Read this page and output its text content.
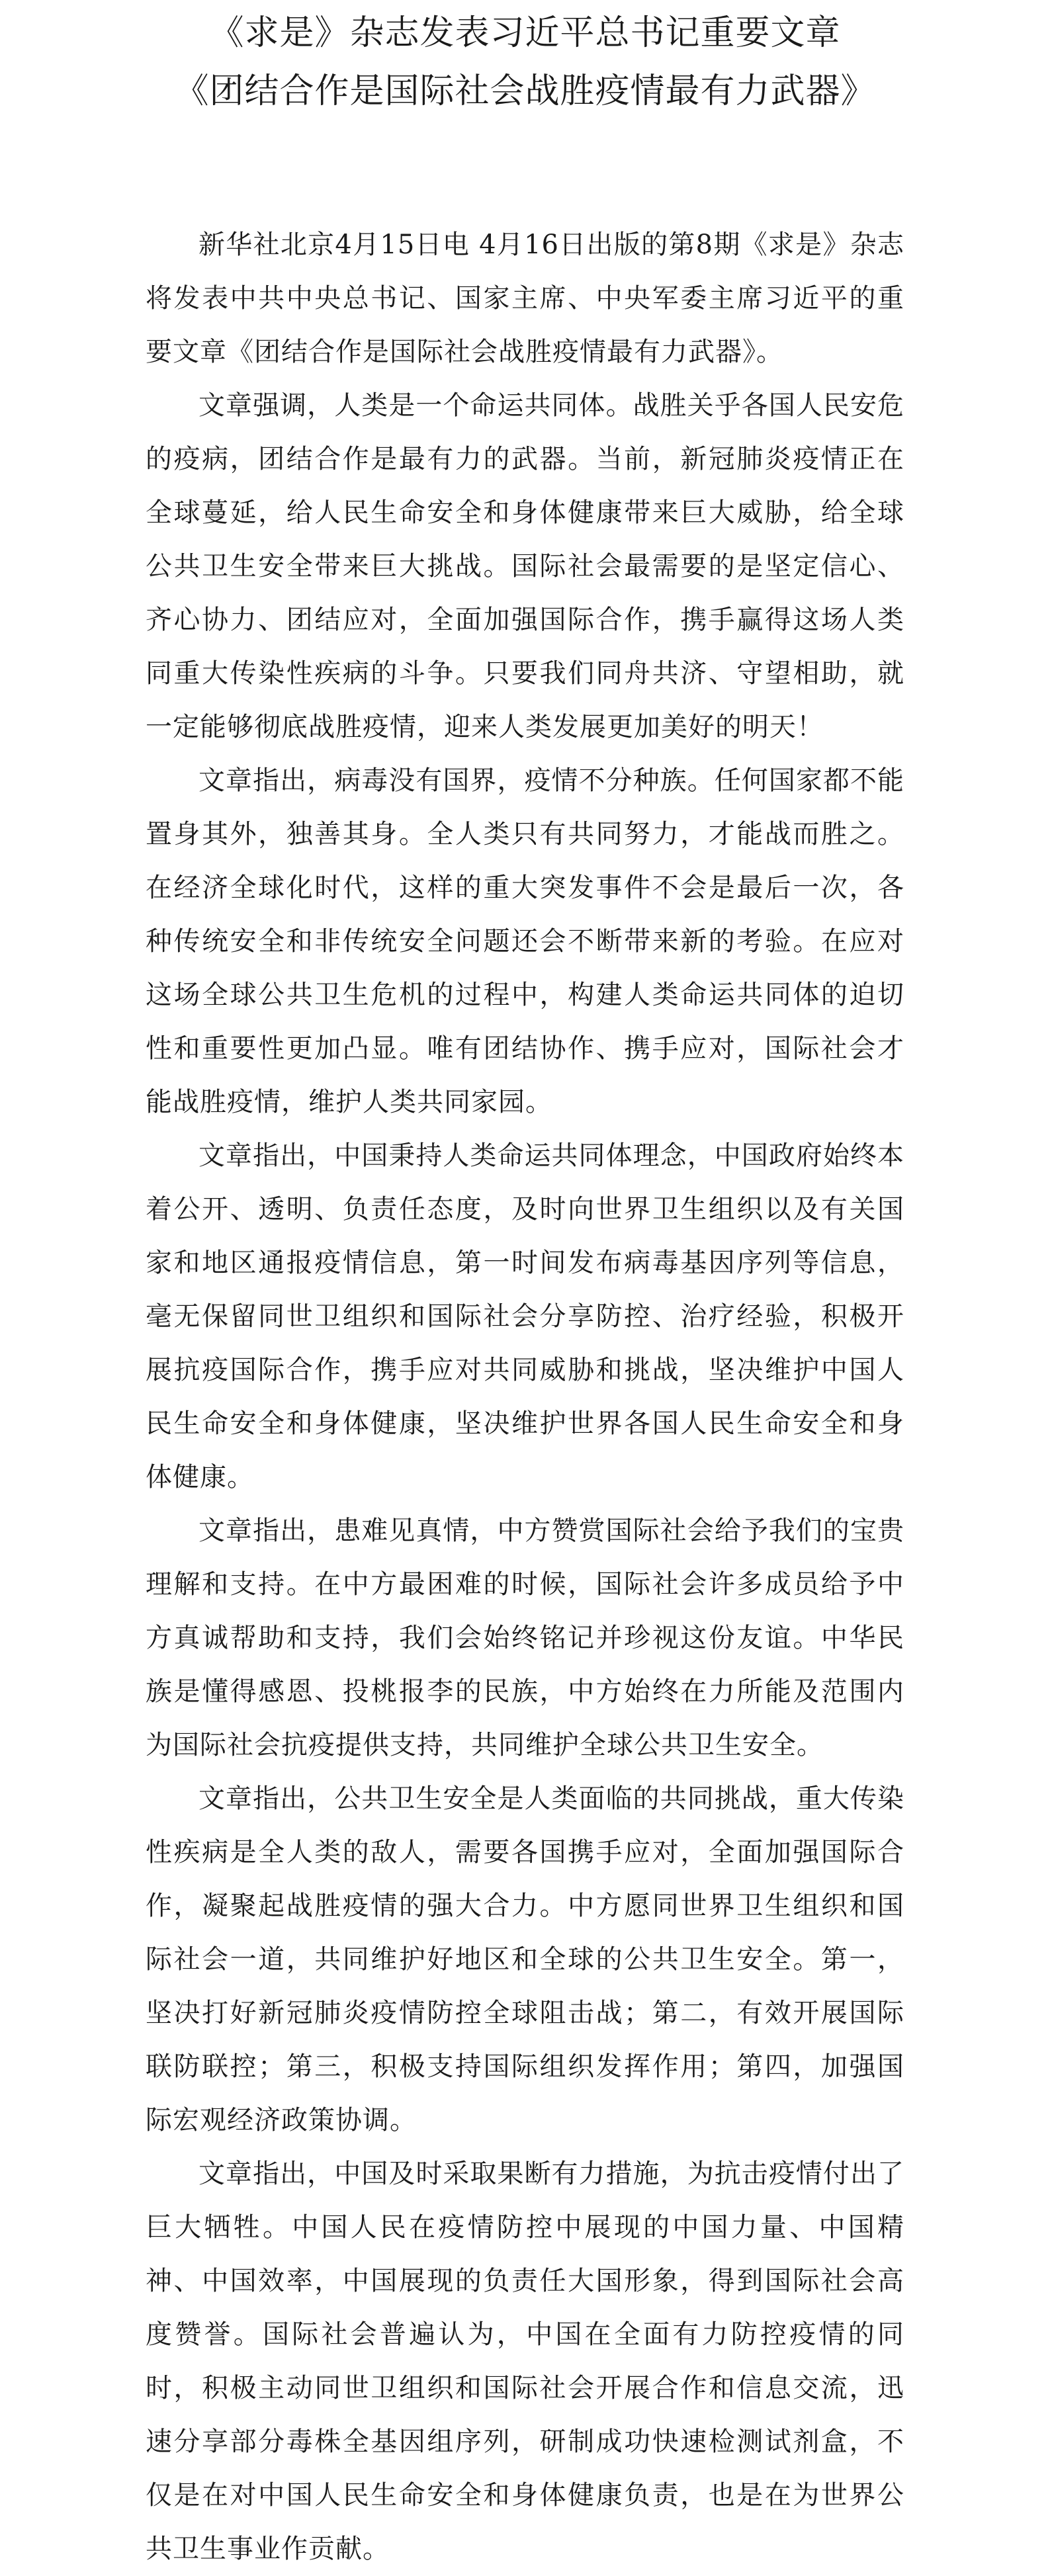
《求是》杂志发表习近平总书记重要文章
《团结合作是国际社会战胜疫情最有力武器》

新华社北京4月15日电 4月16日出版的第8期《求是》杂志将发表中共中央总书记、国家主席、中央军委主席习近平的重要文章《团结合作是国际社会战胜疫情最有力武器》。

文章强调，人类是一个命运共同体。战胜关乎各国人民安危的疫病，团结合作是最有力的武器。当前，新冠肺炎疫情正在全球蔓延，给人民生命安全和身体健康带来巨大威胁，给全球公共卫生安全带来巨大挑战。国际社会最需要的是坚定信心、齐心协力、团结应对，全面加强国际合作，携手赢得这场人类同重大传染性疾病的斗争。只要我们同舟共济、守望相助，就一定能够彻底战胜疫情，迎来人类发展更加美好的明天！

文章指出，病毒没有国界，疫情不分种族。任何国家都不能置身其外，独善其身。全人类只有共同努力，才能战而胜之。在经济全球化时代，这样的重大突发事件不会是最后一次，各种传统安全和非传统安全问题还会不断带来新的考验。在应对这场全球公共卫生危机的过程中，构建人类命运共同体的迫切性和重要性更加凸显。唯有团结协作、携手应对，国际社会才能战胜疫情，维护人类共同家园。

文章指出，中国秉持人类命运共同体理念，中国政府始终本着公开、透明、负责任态度，及时向世界卫生组织以及有关国家和地区通报疫情信息，第一时间发布病毒基因序列等信息，毫无保留同世卫组织和国际社会分享防控、治疗经验，积极开展抗疫国际合作，携手应对共同威胁和挑战，坚决维护中国人民生命安全和身体健康，坚决维护世界各国人民生命安全和身体健康。

文章指出，患难见真情，中方赞赏国际社会给予我们的宝贵理解和支持。在中方最困难的时候，国际社会许多成员给予中方真诚帮助和支持，我们会始终铭记并珍视这份友谊。中华民族是懂得感恩、投桃报李的民族，中方始终在力所能及范围内为国际社会抗疫提供支持，共同维护全球公共卫生安全。

文章指出，公共卫生安全是人类面临的共同挑战，重大传染性疾病是全人类的敌人，需要各国携手应对，全面加强国际合作，凝聚起战胜疫情的强大合力。中方愿同世界卫生组织和国际社会一道，共同维护好地区和全球的公共卫生安全。第一，坚决打好新冠肺炎疫情防控全球阻击战；第二，有效开展国际联防联控；第三，积极支持国际组织发挥作用；第四，加强国际宏观经济政策协调。

文章指出，中国及时采取果断有力措施，为抗击疫情付出了巨大牺牲。中国人民在疫情防控中展现的中国力量、中国精神、中国效率，中国展现的负责任大国形象，得到国际社会高度赞誉。国际社会普遍认为，中国在全面有力防控疫情的同时，积极主动同世卫组织和国际社会开展合作和信息交流，迅速分享部分毒株全基因组序列，研制成功快速检测试剂盒，不仅是在对中国人民生命安全和身体健康负责，也是在为世界公共卫生事业作贡献。
